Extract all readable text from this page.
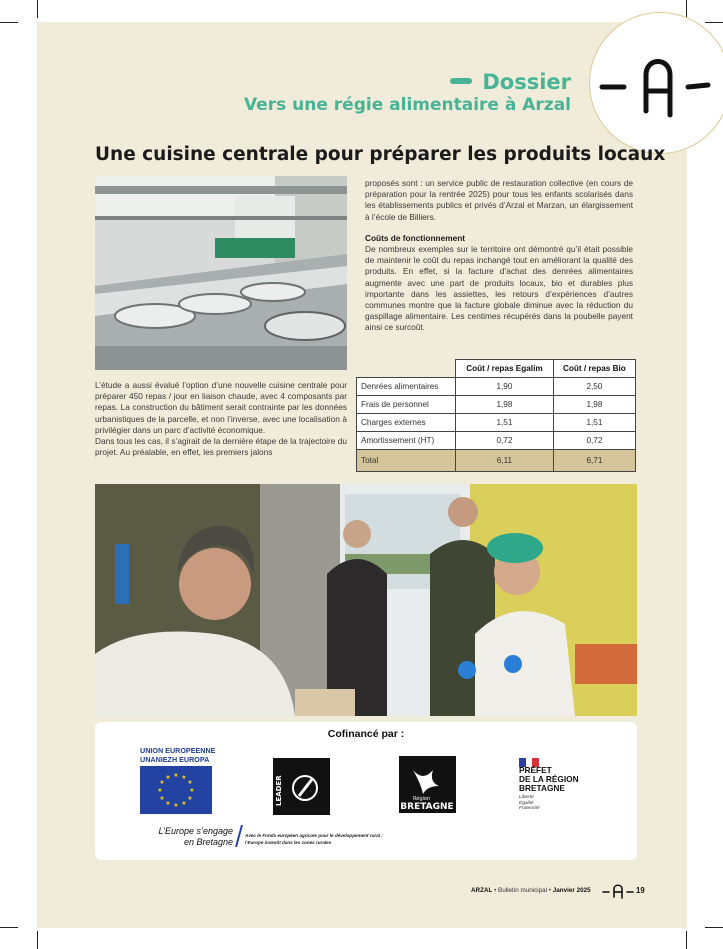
Dossier
Vers une régie alimentaire à Arzal
Une cuisine centrale pour préparer les produits locaux

proposés sont : un service public de restauration collective (en cours de préparation pour la rentrée 2025) pour tous les enfants scolarisés dans les établissements publics et privés d’Arzal et Marzan, un élargissement à l’école de Billiers.

Coûts de fonctionnement

De nombreux exemples sur le territoire ont démontré qu’il était possible de maintenir le coût du repas inchangé tout en améliorant la qualité des produits. En effet, si la facture d’achat des denrées alimentaires augmente avec une part de produits locaux, bio et durables plus importante dans les assiettes, les retours d’expériences d’autres communes montre que la facture globale diminue avec la réduction du gaspillage alimentaire. Les centimes récupérés dans la poubelle payent ainsi ce surcoût.

	Coût / repas Egalim	Coût / repas Bio
Denrées alimentaires	1,90	2,50
Frais de personnel	1,98	1,98
Charges externes	1,51	1,51
Amortissement (HT)	0,72	0,72
Total	6,11	6,71

L’étude a aussi évalué l’option d’une nouvelle cuisine centrale pour préparer 450 repas / jour en liaison chaude, avec 4 composants par repas. La construction du bâtiment serait contrainte par les données urbanistiques de la parcelle, et non l’inverse, avec une localisation à privilégier dans un parc d’activité économique.

Dans tous les cas, il s’agirait de la dernière étape de la trajectoire du projet. Au préalable, en effet, les premiers jalons

Cofinancé par :
UNION EUROPEENNE
UNANIEZH EUROPA
★ ★
★
★
★
★
★
★
★
★
★
★	LEADER	Région
BRETAGNE
PRÉFET
DE LA RÉGION
BRETAGNE
Liberté
Égalité
Fraternité
L’Europe s’engage
en Bretagne
Avec le Fonds européen agricole pour le développement rural :
l’Europe investit dans les zones rurales
ARZAL • Bulletin municipal • Janvier 2025	19
